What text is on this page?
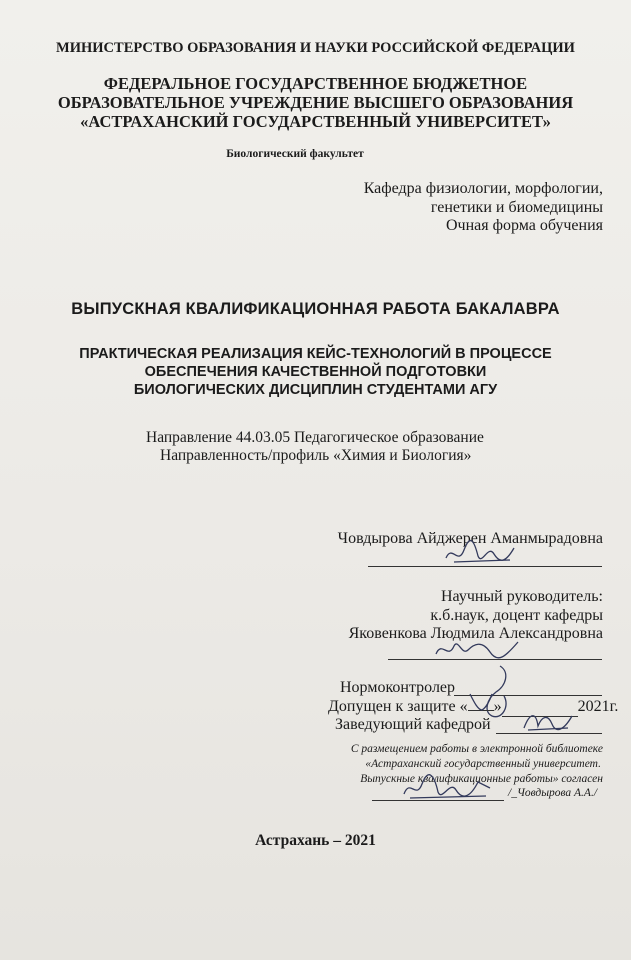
МИНИСТЕРСТВО ОБРАЗОВАНИЯ И НАУКИ РОССИЙСКОЙ ФЕДЕРАЦИИ
ФЕДЕРАЛЬНОЕ ГОСУДАРСТВЕННОЕ БЮДЖЕТНОЕ
ОБРАЗОВАТЕЛЬНОЕ УЧРЕЖДЕНИЕ ВЫСШЕГО ОБРАЗОВАНИЯ
«АСТРАХАНСКИЙ ГОСУДАРСТВЕННЫЙ УНИВЕРСИТЕТ»
Биологический факультет
Кафедра физиологии, морфологии,
генетики и биомедицины
Очная форма обучения
ВЫПУСКНАЯ КВАЛИФИКАЦИОННАЯ РАБОТА БАКАЛАВРА
ПРАКТИЧЕСКАЯ РЕАЛИЗАЦИЯ КЕЙС-ТЕХНОЛОГИЙ В ПРОЦЕССЕ
ОБЕСПЕЧЕНИЯ КАЧЕСТВЕННОЙ ПОДГОТОВКИ
БИОЛОГИЧЕСКИХ ДИСЦИПЛИН СТУДЕНТАМИ АГУ
Направление 44.03.05 Педагогическое образование
Направленность/профиль «Химия и Биология»
Човдырова Айджерен Аманмырадовна
Научный руководитель:
к.б.наук, доцент кафедры
Яковенкова Людмила Александровна
Нормоконтролер
Допущен к защите « »	2021г.
Заведующий кафедрой
С размещением работы в электронной библиотеке
«Астраханский государственный университет.
Выпускные квалификационные работы» согласен
/_Човдырова А.А./
Астрахань – 2021
